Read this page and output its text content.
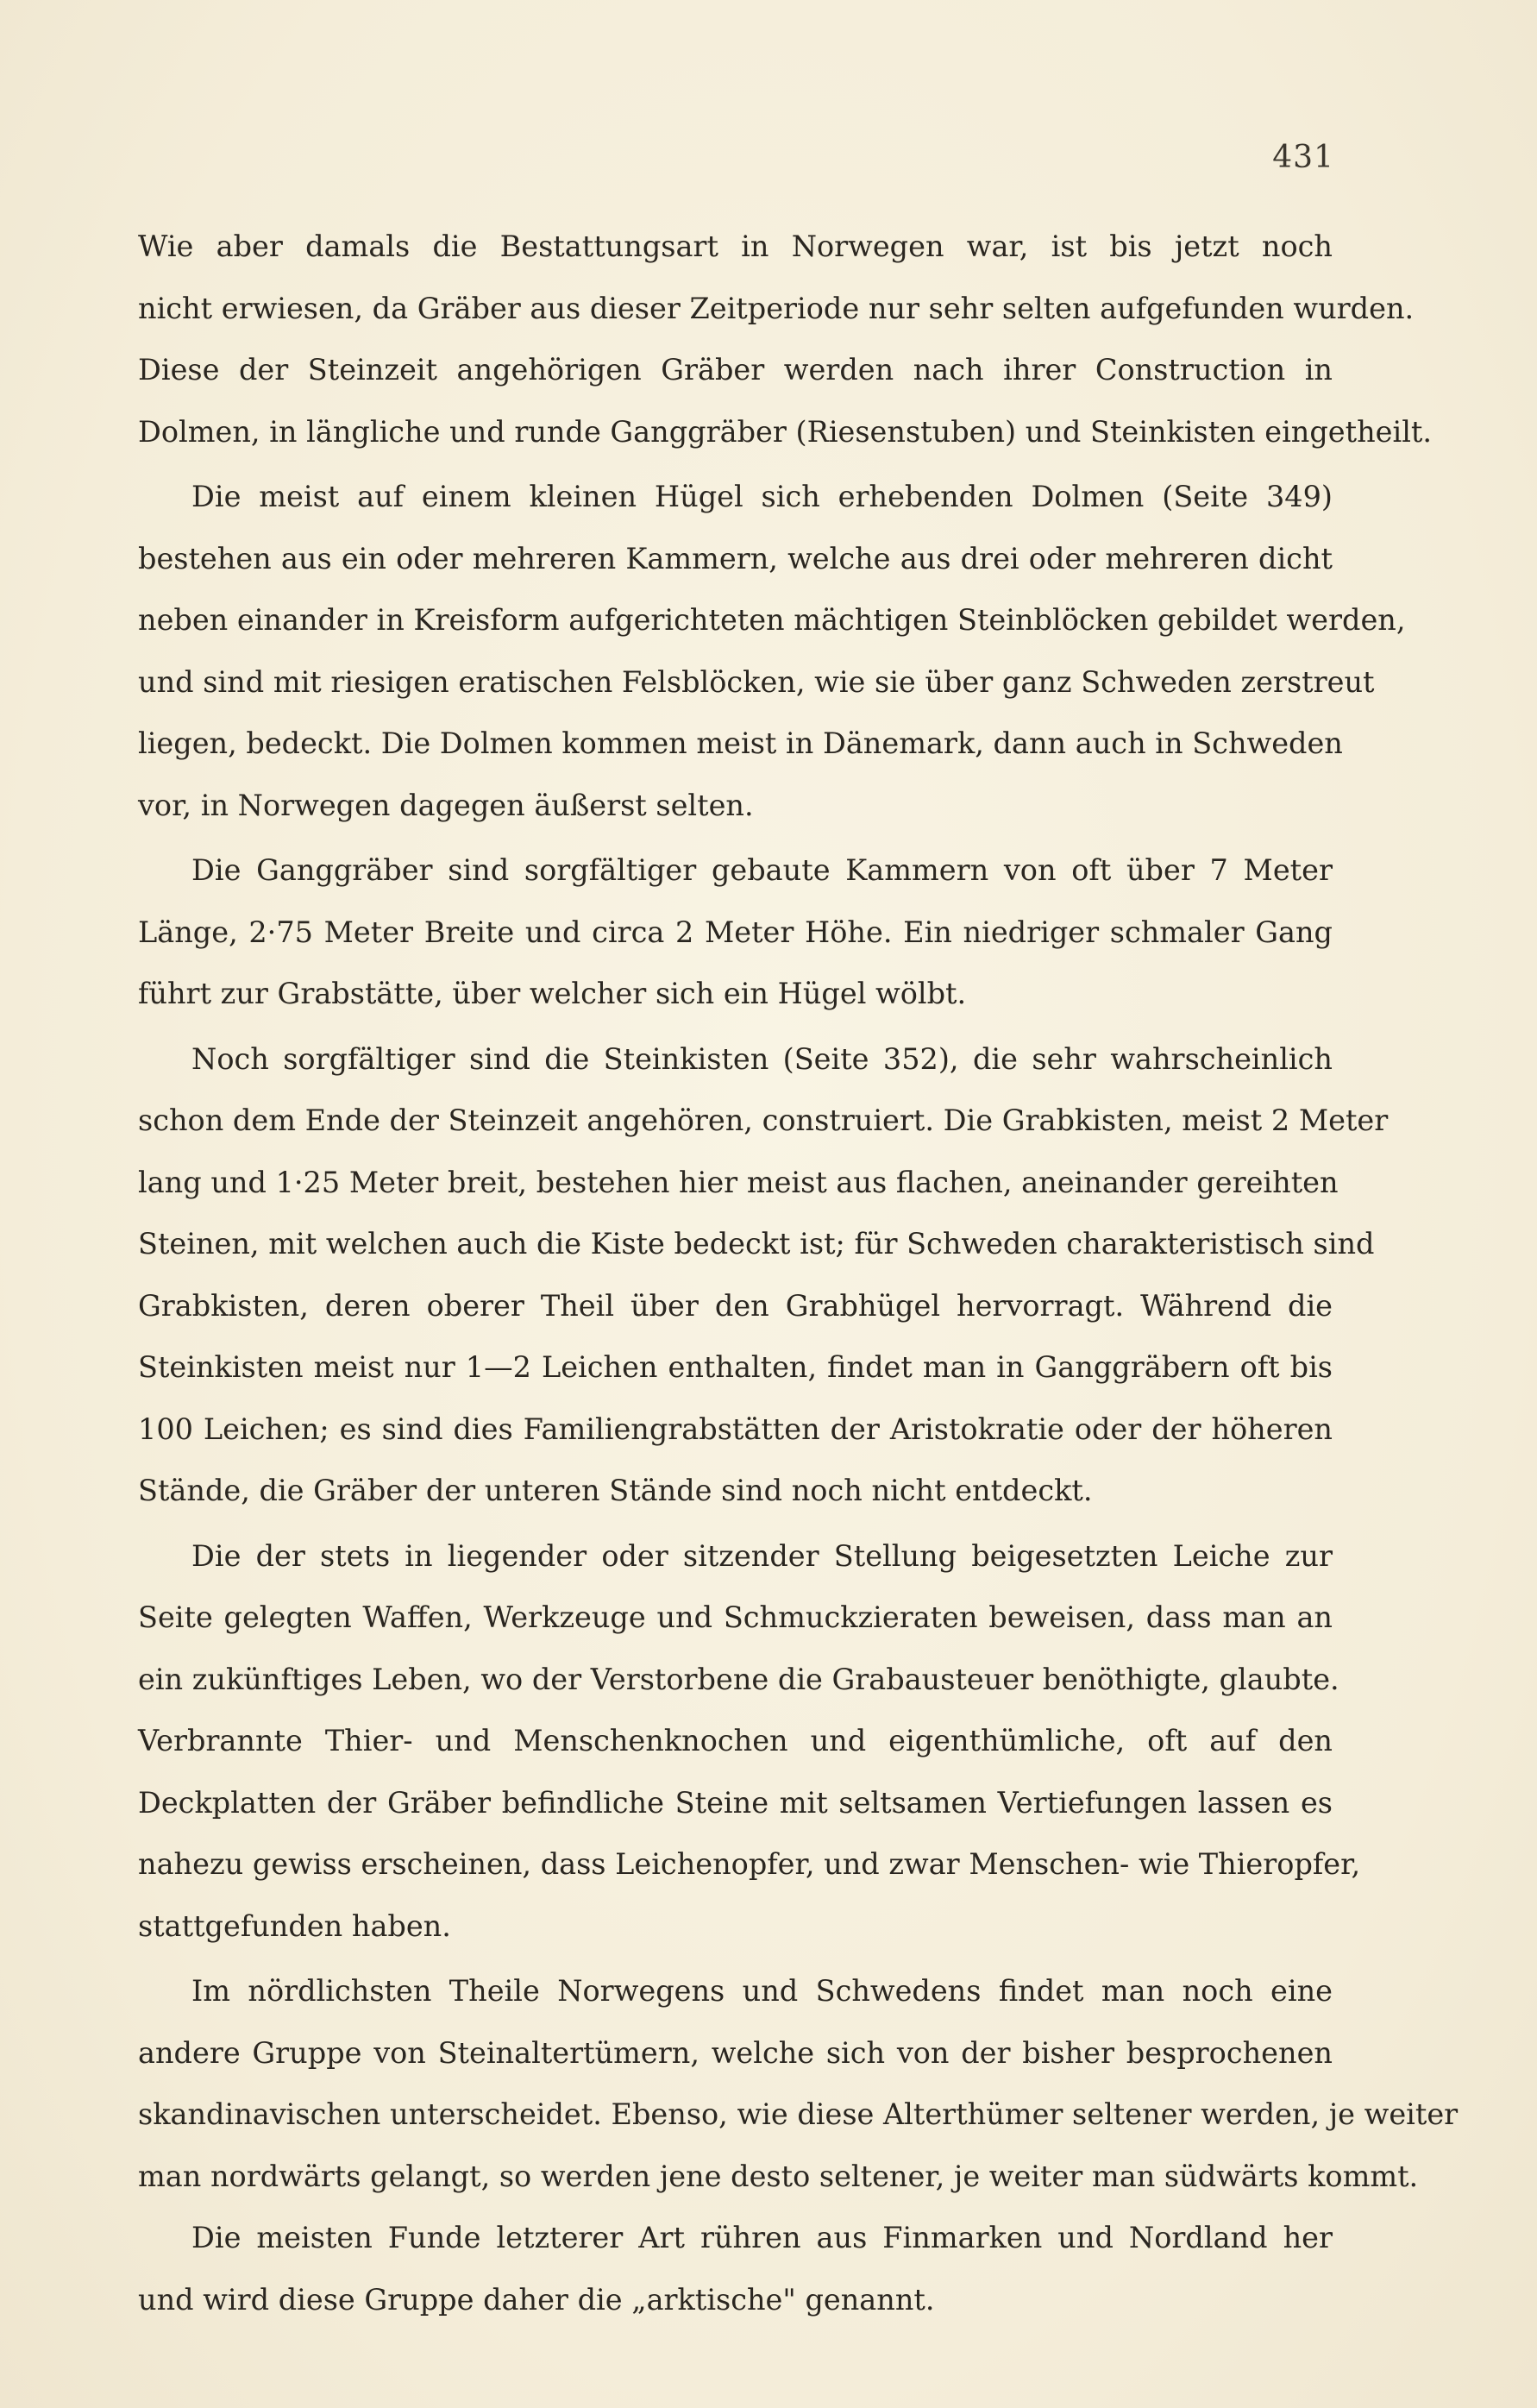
431
Wie aber damals die Bestattungsart in Norwegen war, ist bis jetzt noch
nicht erwiesen, da Gräber aus dieser Zeitperiode nur sehr selten aufgefunden wurden.
Diese der Steinzeit angehörigen Gräber werden nach ihrer Construction in
Dolmen, in längliche und runde Ganggräber (Riesenstuben) und Steinkisten eingetheilt.
Die meist auf einem kleinen Hügel sich erhebenden Dolmen (Seite 349)
bestehen aus ein oder mehreren Kammern, welche aus drei oder mehreren dicht
neben einander in Kreisform aufgerichteten mächtigen Steinblöcken gebildet werden,
und sind mit riesigen eratischen Felsblöcken, wie sie über ganz Schweden zerstreut
liegen, bedeckt. Die Dolmen kommen meist in Dänemark, dann auch in Schweden
vor, in Norwegen dagegen äußerst selten.
Die Ganggräber sind sorgfältiger gebaute Kammern von oft über 7 Meter
Länge, 2·75 Meter Breite und circa 2 Meter Höhe. Ein niedriger schmaler Gang
führt zur Grabstätte, über welcher sich ein Hügel wölbt.
Noch sorgfältiger sind die Steinkisten (Seite 352), die sehr wahrscheinlich
schon dem Ende der Steinzeit angehören, construiert. Die Grabkisten, meist 2 Meter
lang und 1·25 Meter breit, bestehen hier meist aus flachen, aneinander gereihten
Steinen, mit welchen auch die Kiste bedeckt ist; für Schweden charakteristisch sind
Grabkisten, deren oberer Theil über den Grabhügel hervorragt. Während die
Steinkisten meist nur 1—2 Leichen enthalten, findet man in Ganggräbern oft bis
100 Leichen; es sind dies Familiengrabstätten der Aristokratie oder der höheren
Stände, die Gräber der unteren Stände sind noch nicht entdeckt.
Die der stets in liegender oder sitzender Stellung beigesetzten Leiche zur
Seite gelegten Waffen, Werkzeuge und Schmuckzieraten beweisen, dass man an
ein zukünftiges Leben, wo der Verstorbene die Grabausteuer benöthigte, glaubte.
Verbrannte Thier- und Menschenknochen und eigenthümliche, oft auf den
Deckplatten der Gräber befindliche Steine mit seltsamen Vertiefungen lassen es
nahezu gewiss erscheinen, dass Leichenopfer, und zwar Menschen- wie Thieropfer,
stattgefunden haben.
Im nördlichsten Theile Norwegens und Schwedens findet man noch eine
andere Gruppe von Steinaltertümern, welche sich von der bisher besprochenen
skandinavischen unterscheidet. Ebenso, wie diese Alterthümer seltener werden, je weiter
man nordwärts gelangt, so werden jene desto seltener, je weiter man südwärts kommt.
Die meisten Funde letzterer Art rühren aus Finmarken und Nordland her
und wird diese Gruppe daher die „arktische" genannt.
